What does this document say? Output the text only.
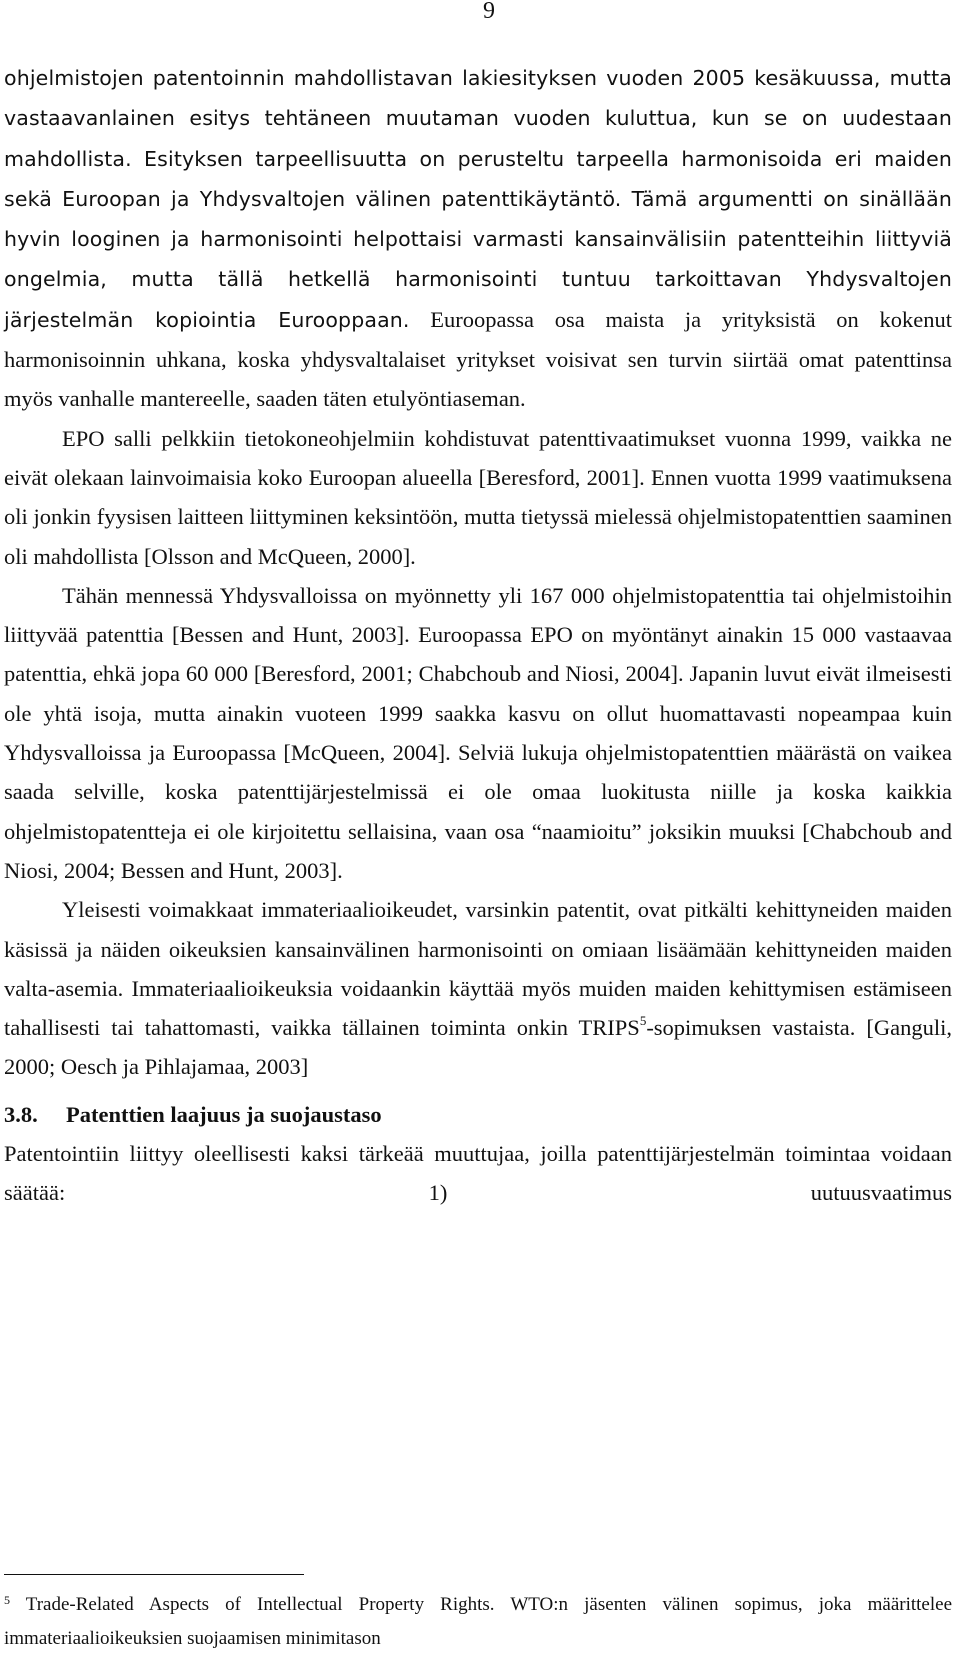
9

ohjelmistojen patentoinnin mahdollistavan lakiesityksen vuoden 2005 kesäkuussa, mutta vastaavanlainen esitys tehtäneen muutaman vuoden kuluttua, kun se on uudestaan mahdollista. Esityksen tarpeellisuutta on perusteltu tarpeella harmonisoida eri maiden sekä Euroopan ja Yhdysvaltojen välinen patenttikäytäntö. Tämä argumentti on sinällään hyvin looginen ja harmonisointi helpottaisi varmasti kansainvälisiin patentteihin liittyviä ongelmia, mutta tällä hetkellä harmonisointi tuntuu tarkoittavan Yhdysvaltojen järjestelmän kopiointia Eurooppaan. Euroopassa osa maista ja yrityksistä on kokenut harmonisoinnin uhkana, koska yhdysvaltalaiset yritykset voisivat sen turvin siirtää omat patenttinsa myös vanhalle mantereelle, saaden täten etulyöntiaseman.

EPO salli pelkkiin tietokoneohjelmiin kohdistuvat patenttivaatimukset vuonna 1999, vaikka ne eivät olekaan lainvoimaisia koko Euroopan alueella [Beresford, 2001]. Ennen vuotta 1999 vaatimuksena oli jonkin fyysisen laitteen liittyminen keksintöön, mutta tietyssä mielessä ohjelmistopatenttien saaminen oli mahdollista [Olsson and McQueen, 2000].

Tähän mennessä Yhdysvalloissa on myönnetty yli 167 000 ohjelmistopatenttia tai ohjelmistoihin liittyvää patenttia [Bessen and Hunt, 2003]. Euroopassa EPO on myöntänyt ainakin 15 000 vastaavaa patenttia, ehkä jopa 60 000 [Beresford, 2001; Chabchoub and Niosi, 2004]. Japanin luvut eivät ilmeisesti ole yhtä isoja, mutta ainakin vuoteen 1999 saakka kasvu on ollut huomattavasti nopeampaa kuin Yhdysvalloissa ja Euroopassa [McQueen, 2004]. Selviä lukuja ohjelmistopatenttien määrästä on vaikea saada selville, koska patenttijärjestelmissä ei ole omaa luokitusta niille ja koska kaikkia ohjelmistopatentteja ei ole kirjoitettu sellaisina, vaan osa “naamioitu” joksikin muuksi [Chabchoub and Niosi, 2004; Bessen and Hunt, 2003].

Yleisesti voimakkaat immateriaalioikeudet, varsinkin patentit, ovat pitkälti kehittyneiden maiden käsissä ja näiden oikeuksien kansainvälinen harmonisointi on omiaan lisäämään kehittyneiden maiden valta-asemia. Immateriaalioikeuksia voidaankin käyttää myös muiden maiden kehittymisen estämiseen tahallisesti tai tahattomasti, vaikka tällainen toiminta onkin TRIPS$^5$-sopimuksen vastaista. [Ganguli, 2000; Oesch ja Pihlajamaa, 2003]

3.8.	Patenttien laajuus ja suojaustaso

Patentointiin liittyy oleellisesti kaksi tärkeää muuttujaa, joilla patenttijärjestelmän toimintaa voidaan säätää: 1) uutuusvaatimus

$^5$ Trade-Related Aspects of Intellectual Property Rights. WTO:n jäsenten välinen sopimus, joka määrittelee immateriaalioikeuksien suojaamisen minimitason
